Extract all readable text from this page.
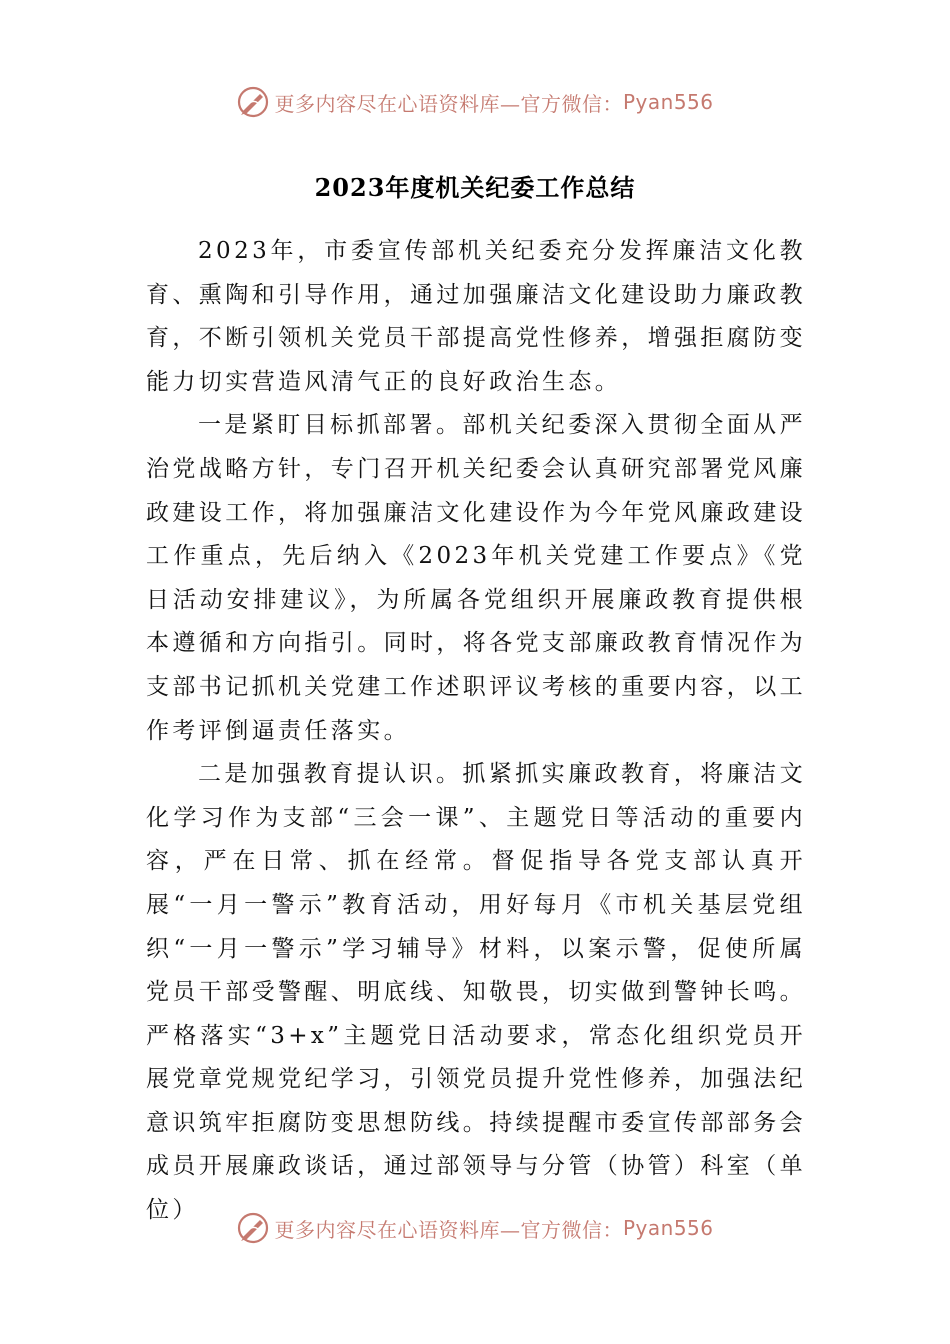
更多内容尽在心语资料库—官方微信： Pyan556
2023年度机关纪委工作总结

2023年，市委宣传部机关纪委充分发挥廉洁文化教育、熏陶和引导作用，通过加强廉洁文化建设助力廉政教育，不断引领机关党员干部提高党性修养，增强拒腐防变能力切实营造风清气正的良好政治生态。

一是紧盯目标抓部署。部机关纪委深入贯彻全面从严治党战略方针，专门召开机关纪委会认真研究部署党风廉政建设工作，将加强廉洁文化建设作为今年党风廉政建设工作重点，先后纳入《2023年机关党建工作要点》《党日活动安排建议》，为所属各党组织开展廉政教育提供根本遵循和方向指引。同时，将各党支部廉政教育情况作为支部书记抓机关党建工作述职评议考核的重要内容，以工作考评倒逼责任落实。

二是加强教育提认识。抓紧抓实廉政教育，将廉洁文化学习作为支部“三会一课”、主题党日等活动的重要内容，严在日常、抓在经常。督促指导各党支部认真开展“一月一警示”教育活动，用好每月《市机关基层党组织“一月一警示”学习辅导》材料，以案示警，促使所属党员干部受警醒、明底线、知敬畏，切实做到警钟长鸣。严格落实“3+x”主题党日活动要求，常态化组织党员开展党章党规党纪学习，引领党员提升党性修养，加强法纪意识筑牢拒腐防变思想防线。持续提醒市委宣传部部务会成员开展廉政谈话，通过部领导与分管（协管）科室（单位）

更多内容尽在心语资料库—官方微信： Pyan556
